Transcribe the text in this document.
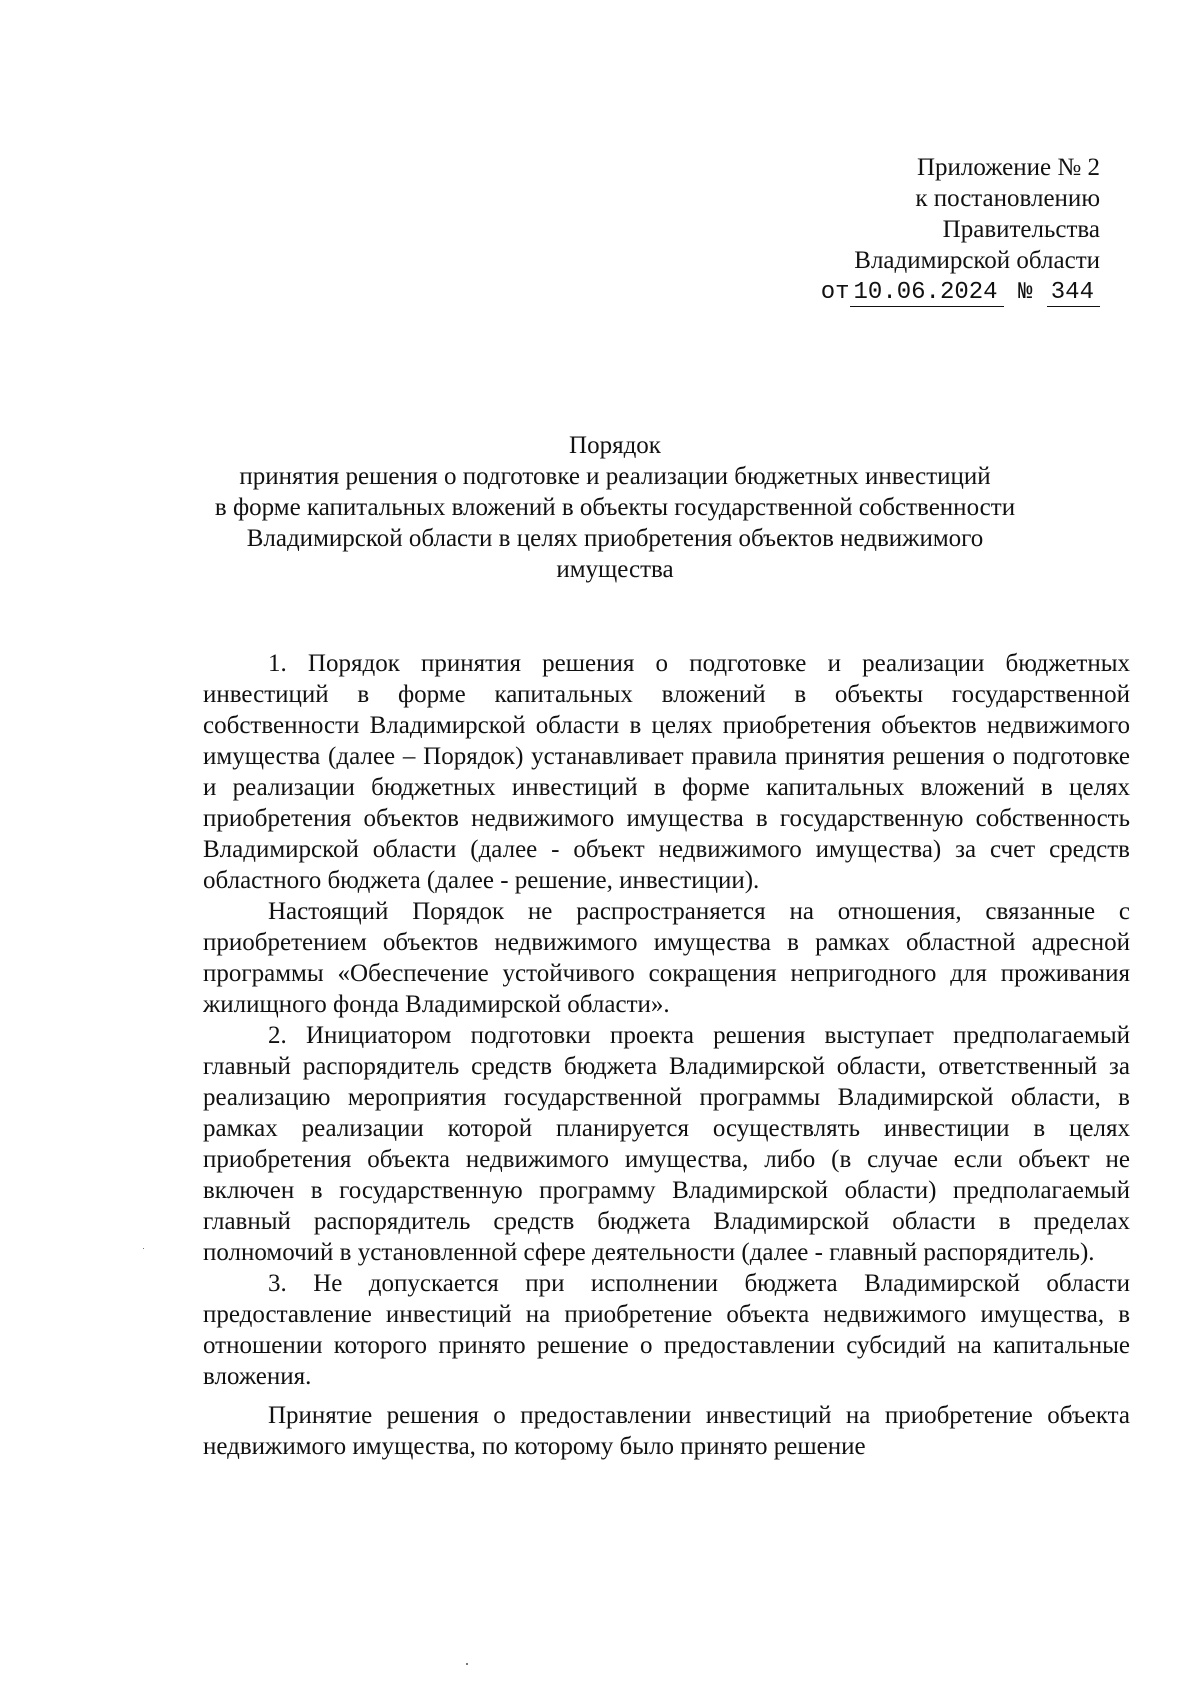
Приложение № 2
к постановлению
Правительства
Владимирской области
от 10.06.2024 № 344
Порядок
принятия решения о подготовке и реализации бюджетных инвестиций
в форме капитальных вложений в объекты государственной собственности
Владимирской области в целях приобретения объектов недвижимого
имущества

1. Порядок принятия решения о подготовке и реализации бюджетных инвестиций в форме капитальных вложений в объекты государственной собственности Владимирской области в целях приобретения объектов недвижимого имущества (далее – Порядок) устанавливает правила принятия решения о подготовке и реализации бюджетных инвестиций в форме капитальных вложений в целях приобретения объектов недвижимого имущества в государственную собственность Владимирской области (далее - объект недвижимого имущества) за счет средств областного бюджета (далее - решение, инвестиции).

Настоящий Порядок не распространяется на отношения, связанные с приобретением объектов недвижимого имущества в рамках областной адресной программы «Обеспечение устойчивого сокращения непригодного для проживания жилищного фонда Владимирской области».

2. Инициатором подготовки проекта решения выступает предполагаемый главный распорядитель средств бюджета Владимирской области, ответственный за реализацию мероприятия государственной программы Владимирской области, в рамках реализации которой планируется осуществлять инвестиции в целях приобретения объекта недвижимого имущества, либо (в случае если объект не включен в государственную программу Владимирской области) предполагаемый главный распорядитель средств бюджета Владимирской области в пределах полномочий в установленной сфере деятельности (далее - главный распорядитель).

3. Не допускается при исполнении бюджета Владимирской области предоставление инвестиций на приобретение объекта недвижимого имущества, в отношении которого принято решение о предоставлении субсидий на капитальные вложения.

Принятие решения о предоставлении инвестиций на приобретение объекта недвижимого имущества, по которому было принято решение
